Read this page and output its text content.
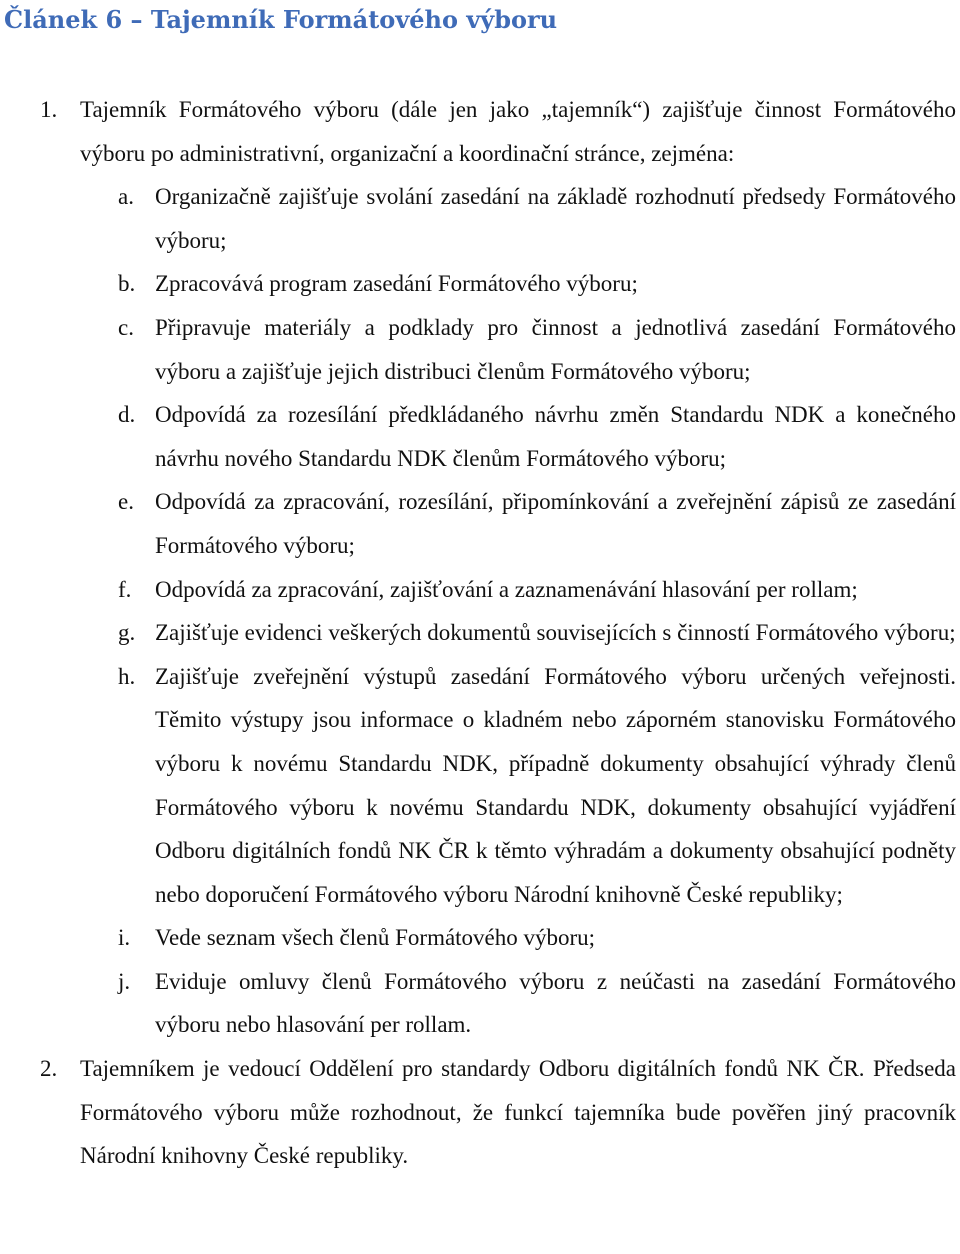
Článek 6 – Tajemník Formátového výboru
1. Tajemník Formátového výboru (dále jen jako „tajemník“) zajišťuje činnost Formátového výboru po administrativní, organizační a koordinační stránce, zejména:
a. Organizačně zajišťuje svolání zasedání na základě rozhodnutí předsedy Formátového výboru;
b. Zpracovává program zasedání Formátového výboru;
c. Připravuje materiály a podklady pro činnost a jednotlivá zasedání Formátového výboru a zajišťuje jejich distribuci členům Formátového výboru;
d. Odpovídá za rozesílání předkládaného návrhu změn Standardu NDK a konečného návrhu nového Standardu NDK členům Formátového výboru;
e. Odpovídá za zpracování, rozesílání, připomínkování a zveřejnění zápisů ze zasedání Formátového výboru;
f. Odpovídá za zpracování, zajišťování a zaznamenávání hlasování per rollam;
g. Zajišťuje evidenci veškerých dokumentů souvisejících s činností Formátového výboru;
h. Zajišťuje zveřejnění výstupů zasedání Formátového výboru určených veřejnosti. Těmito výstupy jsou informace o kladném nebo záporném stanovisku Formátového výboru k novému Standardu NDK, případně dokumenty obsahující výhrady členů Formátového výboru k novému Standardu NDK, dokumenty obsahující vyjádření Odboru digitálních fondů NK ČR k těmto výhradám a dokumenty obsahující podněty nebo doporučení Formátového výboru Národní knihovně České republiky;
i. Vede seznam všech členů Formátového výboru;
j. Eviduje omluvy členů Formátového výboru z neúčasti na zasedání Formátového výboru nebo hlasování per rollam.
2. Tajemníkem je vedoucí Oddělení pro standardy Odboru digitálních fondů NK ČR. Předseda Formátového výboru může rozhodnout, že funkcí tajemníka bude pověřen jiný pracovník Národní knihovny České republiky.
